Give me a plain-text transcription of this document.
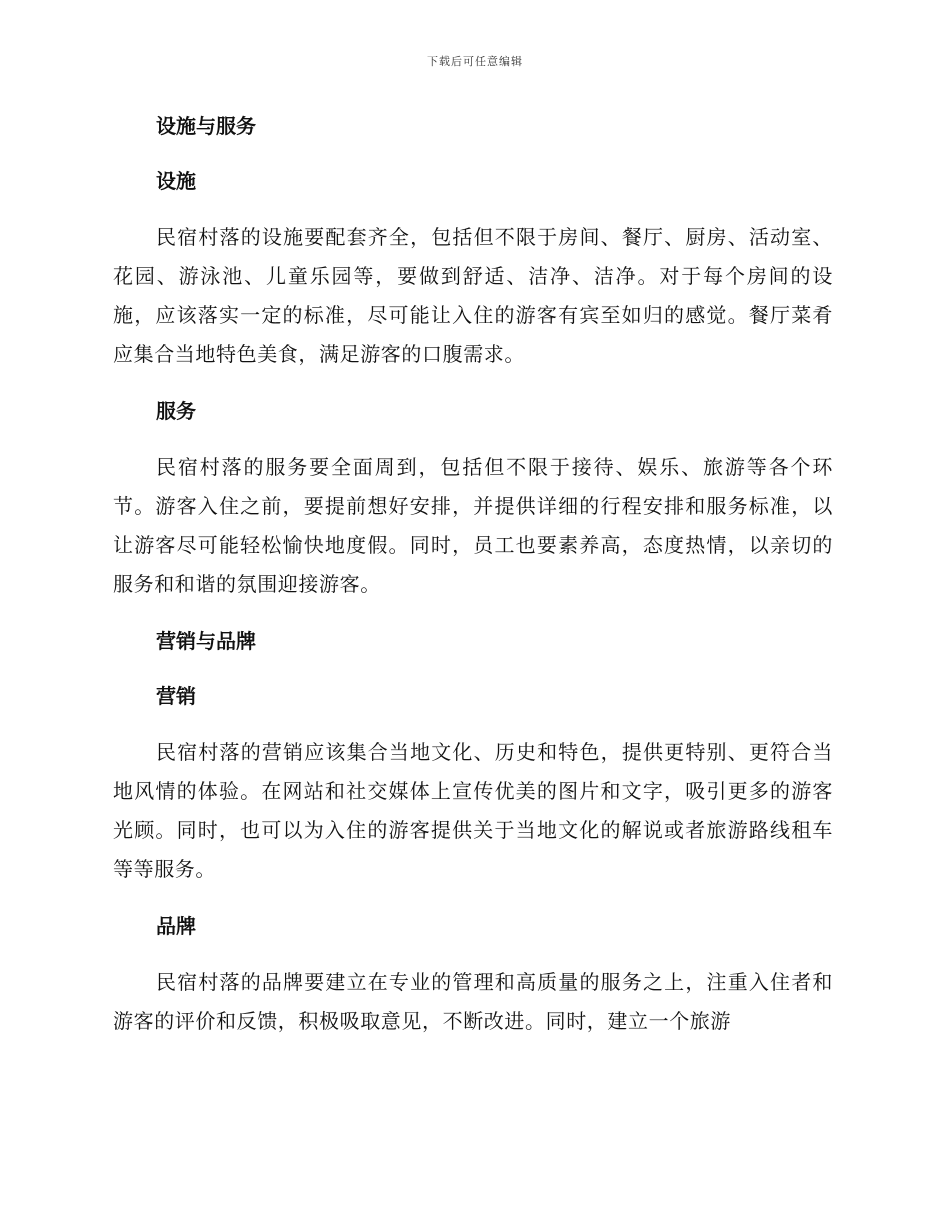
下载后可任意编辑
设施与服务
设施

民宿村落的设施要配套齐全，包括但不限于房间、餐厅、厨房、活动室、花园、游泳池、儿童乐园等，要做到舒适、洁净、洁净。对于每个房间的设施，应该落实一定的标准，尽可能让入住的游客有宾至如归的感觉。餐厅菜肴应集合当地特色美食，满足游客的口腹需求。

服务

民宿村落的服务要全面周到，包括但不限于接待、娱乐、旅游等各个环节。游客入住之前，要提前想好安排，并提供详细的行程安排和服务标准，以让游客尽可能轻松愉快地度假。同时，员工也要素养高，态度热情，以亲切的服务和和谐的氛围迎接游客。

营销与品牌
营销

民宿村落的营销应该集合当地文化、历史和特色，提供更特别、更符合当地风情的体验。在网站和社交媒体上宣传优美的图片和文字，吸引更多的游客光顾。同时，也可以为入住的游客提供关于当地文化的解说或者旅游路线租车等等服务。

品牌

民宿村落的品牌要建立在专业的管理和高质量的服务之上，注重入住者和游客的评价和反馈，积极吸取意见，不断改进。同时，建立一个旅游
